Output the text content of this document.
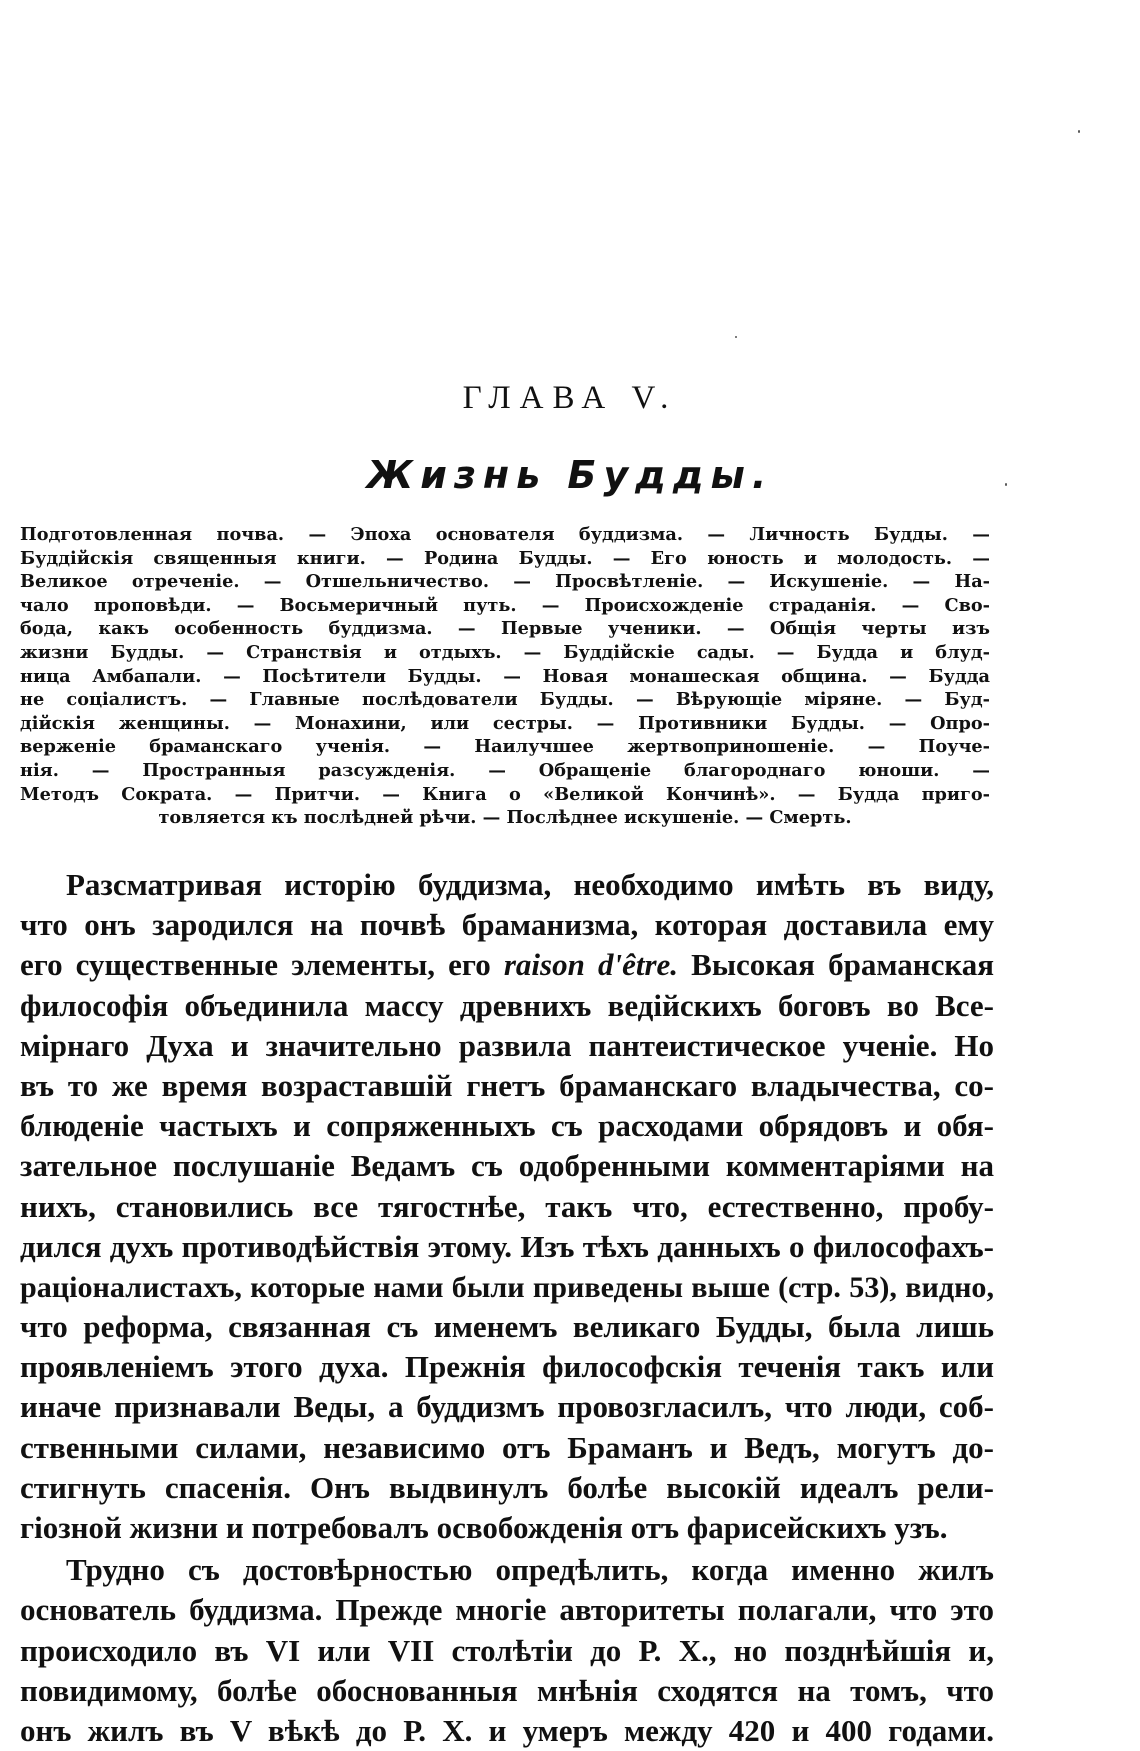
ГЛАВА V.
Жизнь Будды.
Подготовленная почва. — Эпоха основателя буддизма. — Личность Будды. —
Буддійскія священныя книги. — Родина Будды. — Его юность и молодость. —
Великое отреченіе. — Отшельничество. — Просвѣтленіе. — Искушеніе. — На-
чало проповѣди. — Восьмеричный путь. — Происхожденіе страданія. — Сво-
бода, какъ особенность буддизма. — Первые ученики. — Общія черты изъ
жизни Будды. — Странствія и отдыхъ. — Буддійскіе сады. — Будда и блуд-
ница Амбапали. — Посѣтители Будды. — Новая монашеская община. — Будда
не соціалистъ. — Главные послѣдователи Будды. — Вѣрующіе міряне. — Буд-
дійскія женщины. — Монахини, или сестры. — Противники Будды. — Опро-
верженіе браманскаго ученія. — Наилучшее жертвоприношеніе. — Поуче-
нія. — Пространныя разсужденія. — Обращеніе благороднаго юноши. —
Методъ Сократа. — Притчи. — Книга о «Великой Кончинѣ». — Будда приго-
товляется къ послѣдней рѣчи. — Послѣднее искушеніе. — Смерть.
Разсматривая исторію буддизма, необходимо имѣть въ виду,
что онъ зародился на почвѣ браманизма, которая доставила ему
его существенные элементы, его raison d'être. Высокая браманская
философія объединила массу древнихъ ведійскихъ боговъ во Все-
мірнаго Духа и значительно развила пантеистическое ученіе. Но
въ то же время возраставшій гнетъ браманскаго владычества, со-
блюденіе частыхъ и сопряженныхъ съ расходами обрядовъ и обя-
зательное послушаніе Ведамъ съ одобренными комментаріями на
нихъ, становились все тягостнѣе, такъ что, естественно, пробу-
дился духъ противодѣйствія этому. Изъ тѣхъ данныхъ о философахъ-
раціоналистахъ, которые нами были приведены выше (стр. 53), видно,
что реформа, связанная съ именемъ великаго Будды, была лишь
проявленіемъ этого духа. Прежнія философскія теченія такъ или
иначе признавали Веды, а буддизмъ провозгласилъ, что люди, соб-
ственными силами, независимо отъ Браманъ и Ведъ, могутъ до-
стигнуть спасенія. Онъ выдвинулъ болѣе высокій идеалъ рели-
гіозной жизни и потребовалъ освобожденія отъ фарисейскихъ узъ.
Трудно съ достовѣрностью опредѣлить, когда именно жилъ
основатель буддизма. Прежде многіе авторитеты полагали, что это
происходило въ VI или VII столѣтіи до Р. Х., но позднѣйшія и,
повидимому, болѣе обоснованныя мнѣнія сходятся на томъ, что
онъ жилъ въ V вѣкѣ до Р. Х. и умеръ между 420 и 400 годами.
